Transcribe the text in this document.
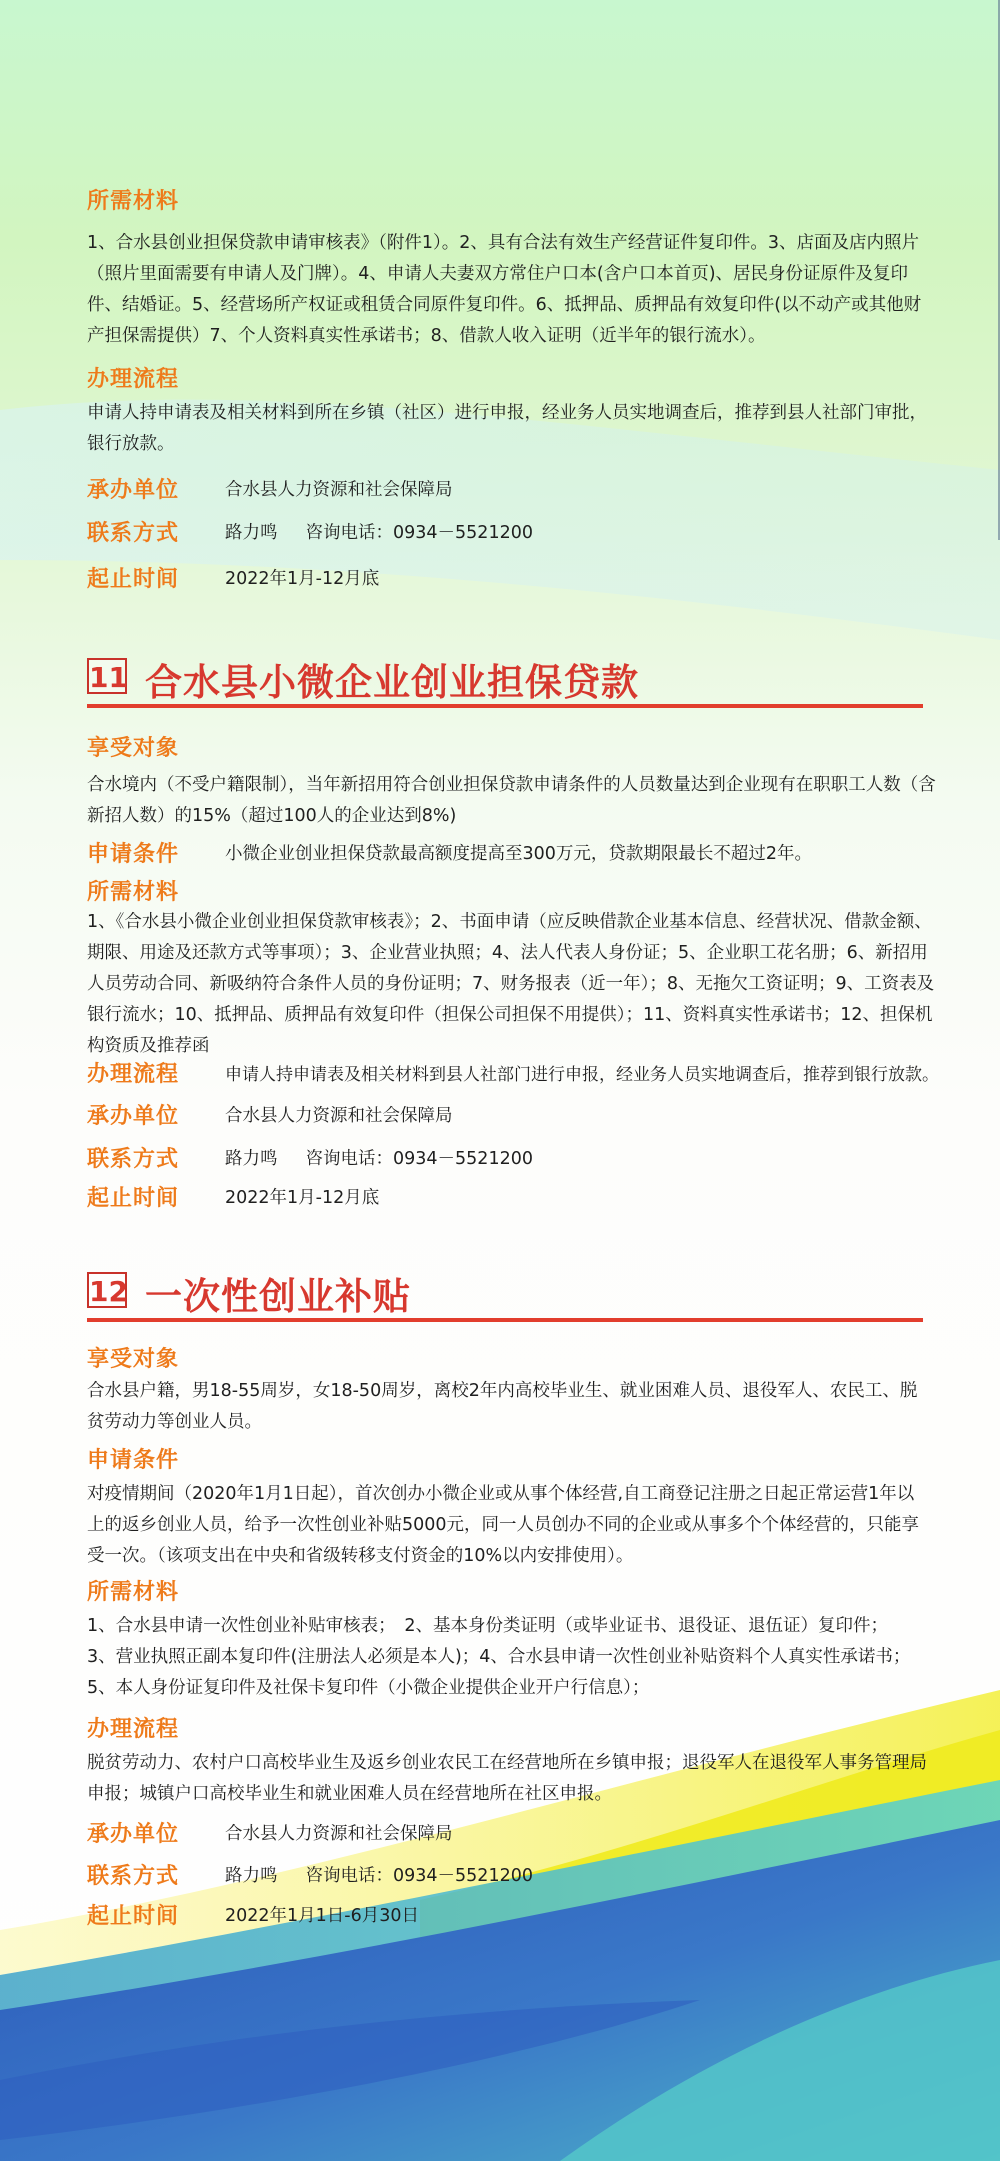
所需材料

1、合水县创业担保贷款申请审核表》（附件1）。2、具有合法有效生产经营证件复印件。3、店面及店内照片（照片里面需要有申请人及门牌）。4、申请人夫妻双方常住户口本(含户口本首页)、居民身份证原件及复印件、结婚证。5、经营场所产权证或租赁合同原件复印件。6、抵押品、质押品有效复印件(以不动产或其他财产担保需提供）7、个人资料真实性承诺书；8、借款人收入证明（近半年的银行流水）。

办理流程

申请人持申请表及相关材料到所在乡镇（社区）进行申报，经业务人员实地调查后，推荐到县人社部门审批，银行放款。

承办单位	合水县人力资源和社会保障局
联系方式	路力鸣 咨询电话：0934－5521200
起止时间	2022年1月-12月底
11 合水县小微企业创业担保贷款
享受对象

合水境内（不受户籍限制），当年新招用符合创业担保贷款申请条件的人员数量达到企业现有在职职工人数（含新招人数）的15%（超过100人的企业达到8%)

申请条件	小微企业创业担保贷款最高额度提高至300万元，贷款期限最长不超过2年。
所需材料

1、《合水县小微企业创业担保贷款审核表》；2、书面申请（应反映借款企业基本信息、经营状况、借款金额、期限、用途及还款方式等事项）；3、企业营业执照；4、法人代表人身份证；5、企业职工花名册；6、新招用人员劳动合同、新吸纳符合条件人员的身份证明；7、财务报表（近一年）；8、无拖欠工资证明；9、工资表及银行流水；10、抵押品、质押品有效复印件（担保公司担保不用提供）；11、资料真实性承诺书；12、担保机构资质及推荐函

办理流程	申请人持申请表及相关材料到县人社部门进行申报，经业务人员实地调查后，推荐到银行放款。
承办单位	合水县人力资源和社会保障局
联系方式	路力鸣 咨询电话：0934－5521200
起止时间	2022年1月-12月底
12 一次性创业补贴
享受对象

合水县户籍，男18-55周岁，女18-50周岁，离校2年内高校毕业生、就业困难人员、退役军人、农民工、脱贫劳动力等创业人员。

申请条件

对疫情期间（2020年1月1日起），首次创办小微企业或从事个体经营,自工商登记注册之日起正常运营1年以上的返乡创业人员，给予一次性创业补贴5000元，同一人员创办不同的企业或从事多个个体经营的，只能享受一次。（该项支出在中央和省级转移支付资金的10%以内安排使用）。

所需材料
1、合水县申请一次性创业补贴审核表；　2、基本身份类证明（或毕业证书、退役证、退伍证）复印件；
3、营业执照正副本复印件(注册法人必须是本人)；4、合水县申请一次性创业补贴资料个人真实性承诺书；
5、本人身份证复印件及社保卡复印件（小微企业提供企业开户行信息）；
办理流程

脱贫劳动力、农村户口高校毕业生及返乡创业农民工在经营地所在乡镇申报；退役军人在退役军人事务管理局申报；城镇户口高校毕业生和就业困难人员在经营地所在社区申报。

承办单位	合水县人力资源和社会保障局
联系方式	路力鸣 咨询电话：0934－5521200
起止时间	2022年1月1日-6月30日
